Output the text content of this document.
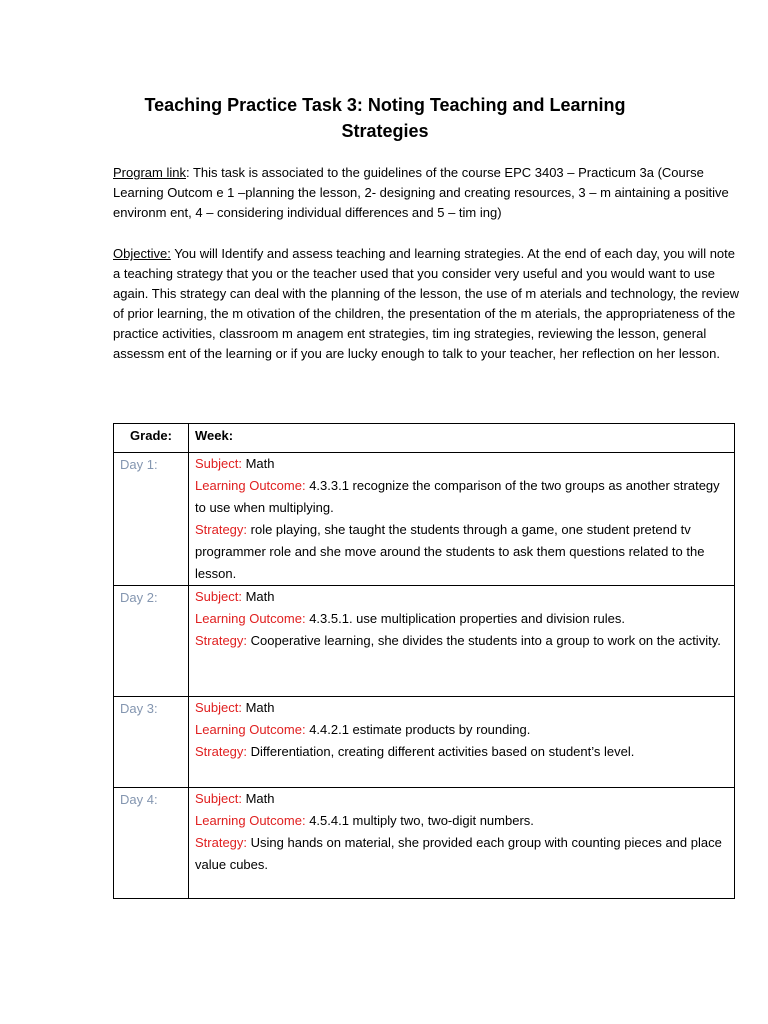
Teaching Practice Task 3: Noting Teaching and Learning Strategies

Program link: This task is associated to the guidelines of the course EPC 3403 – Practicum 3a (Course Learning Outcom e 1 –planning the lesson, 2- designing and creating resources, 3 – m aintaining a positive environm ent, 4 – considering individual differences and 5 – tim ing)

Objective: You will Identify and assess teaching and learning strategies. At the end of each day, you will note a teaching strategy that you or the teacher used that you consider very useful and you would want to use again. This strategy can deal with the planning of the lesson, the use of m aterials and technology, the review of prior learning, the m otivation of the children, the presentation of the m aterials, the appropriateness of the practice activities, classroom m anagem ent strategies, tim ing strategies, reviewing the lesson, general assessm ent of the learning or if you are lucky enough to talk to your teacher, her reflection on her lesson.

Grade:	Week:
Day 1:	Subject: Math
Learning Outcome: 4.3.3.1 recognize the comparison of the two groups as another strategy to use when multiplying.
Strategy: role playing, she taught the students through a game, one student pretend tv programmer role and she move around the students to ask them questions related to the lesson.

Day 2:	Subject: Math
Learning Outcome: 4.3.5.1. use multiplication properties and division rules.
Strategy: Cooperative learning, she divides the students into a group to work on the activity.

Day 3:	Subject: Math
Learning Outcome: 4.4.2.1 estimate products by rounding.
Strategy: Differentiation, creating different activities based on student’s level.

Day 4:	Subject: Math
Learning Outcome: 4.5.4.1 multiply two, two-digit numbers.
Strategy: Using hands on material, she provided each group with counting pieces and place value cubes.
